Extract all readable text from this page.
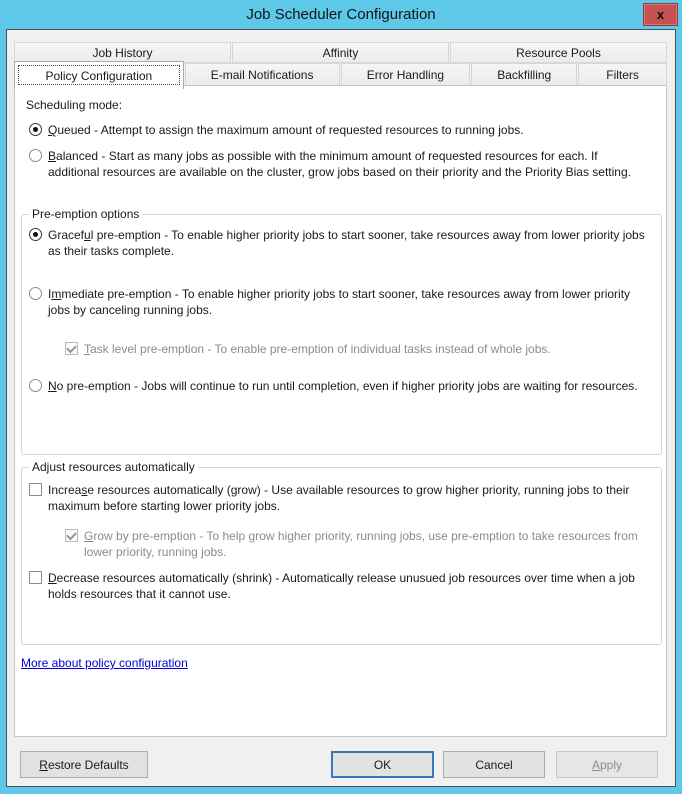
Job Scheduler Configuration	x
Job History	Affinity	Resource Pools
Policy Configuration	E-mail Notifications	Error Handling	Backfilling	Filters
Scheduling mode:
Queued - Attempt to assign the maximum amount of requested resources to running jobs.
Balanced - Start as many jobs as possible with the minimum amount of requested resources for each. If additional resources are available on the cluster, grow jobs based on their priority and the Priority Bias setting.
Pre-emption options
Graceful pre-emption - To enable higher priority jobs to start sooner, take resources away from lower priority jobs as their tasks complete.
Immediate pre-emption - To enable higher priority jobs to start sooner, take resources away from lower priority jobs by canceling running jobs.
Task level pre-emption - To enable pre-emption of individual tasks instead of whole jobs.
No pre-emption - Jobs will continue to run until completion, even if higher priority jobs are waiting for resources.
Adjust resources automatically
Increase resources automatically (grow) - Use available resources to grow higher priority, running jobs to their maximum before starting lower priority jobs.
Grow by pre-emption - To help grow higher priority, running jobs, use pre-emption to take resources from lower priority, running jobs.
Decrease resources automatically (shrink) - Automatically release unusued job resources over time when a job holds resources that it cannot use.
More about policy configuration
Restore Defaults	OK	Cancel	Apply
